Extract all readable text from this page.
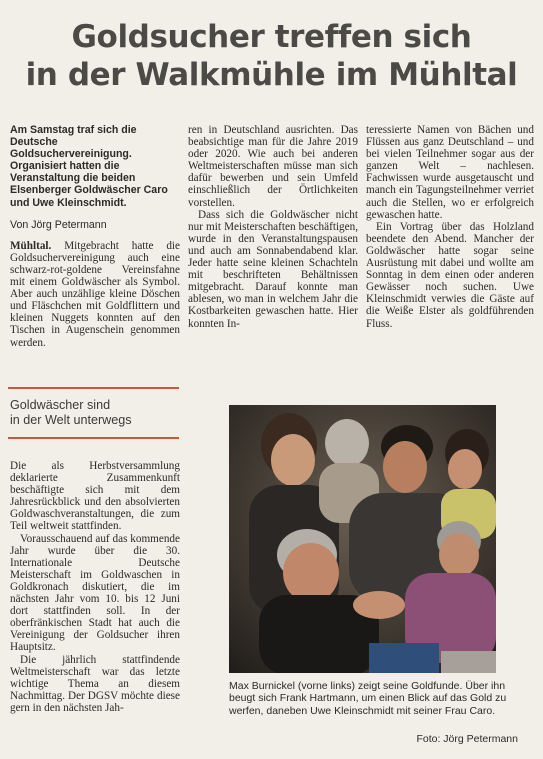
Goldsucher treffen sich
in der Walkmühle im Mühltal

Am Samstag traf sich die Deutsche Goldsuchervereinigung. Organisiert hatten die Veranstaltung die beiden Elsenberger Goldwäscher Caro und Uwe Kleinschmidt.

Von Jörg Petermann

Mühltal. Mitgebracht hatte die Goldsuchervereinigung auch eine schwarz-rot-goldene Vereinsfahne mit einem Goldwäscher als Symbol. Aber auch unzählige kleine Döschen und Fläschchen mit Goldflittern und kleinen Nuggets konnten auf den Tischen in Augenschein genommen werden.

Goldwäscher sind
in der Welt unterwegs

Die als Herbstversammlung deklarierte Zusammenkunft beschäftigte sich mit dem Jahresrückblick und den absolvierten Goldwaschveranstaltungen, die zum Teil weltweit stattfinden.

Vorausschauend auf das kommende Jahr wurde über die 30. Internationale Deutsche Meisterschaft im Goldwaschen in Goldkronach diskutiert, die im nächsten Jahr vom 10. bis 12 Juni dort stattfinden soll. In der oberfränkischen Stadt hat auch die Vereinigung der Goldsucher ihren Hauptsitz.

Die jährlich stattfindende Weltmeisterschaft war das letzte wichtige Thema an diesem Nachmittag. Der DGSV möchte diese gern in den nächsten Jah-

ren in Deutschland ausrichten. Das beabsichtige man für die Jahre 2019 oder 2020. Wie auch bei anderen Weltmeisterschaften müsse man sich dafür bewerben und sein Umfeld einschließlich der Örtlichkeiten vorstellen.

Dass sich die Goldwäscher nicht nur mit Meisterschaften beschäftigen, wurde in den Veranstaltungspausen und auch am Sonnabendabend klar. Jeder hatte seine kleinen Schachteln mit beschrifteten Behältnissen mitgebracht. Darauf konnte man ablesen, wo man in welchem Jahr die Kostbarkeiten gewaschen hatte. Hier konnten In-

teressierte Namen von Bächen und Flüssen aus ganz Deutschland – und bei vielen Teilnehmer sogar aus der ganzen Welt – nachlesen. Fachwissen wurde ausgetauscht und manch ein Tagungsteilnehmer verriet auch die Stellen, wo er erfolgreich gewaschen hatte.

Ein Vortrag über das Holzland beendete den Abend. Mancher der Goldwäscher hatte sogar seine Ausrüstung mit dabei und wollte am Sonntag in dem einen oder anderen Gewässer noch suchen. Uwe Kleinschmidt verwies die Gäste auf die Weiße Elster als goldführenden Fluss.

Max Burnickel (vorne links) zeigt seine Goldfunde. Über ihn beugt sich Frank Hartmann, um einen Blick auf das Gold zu werfen, daneben Uwe Kleinschmidt mit seiner Frau Caro.
Foto: Jörg Petermann
